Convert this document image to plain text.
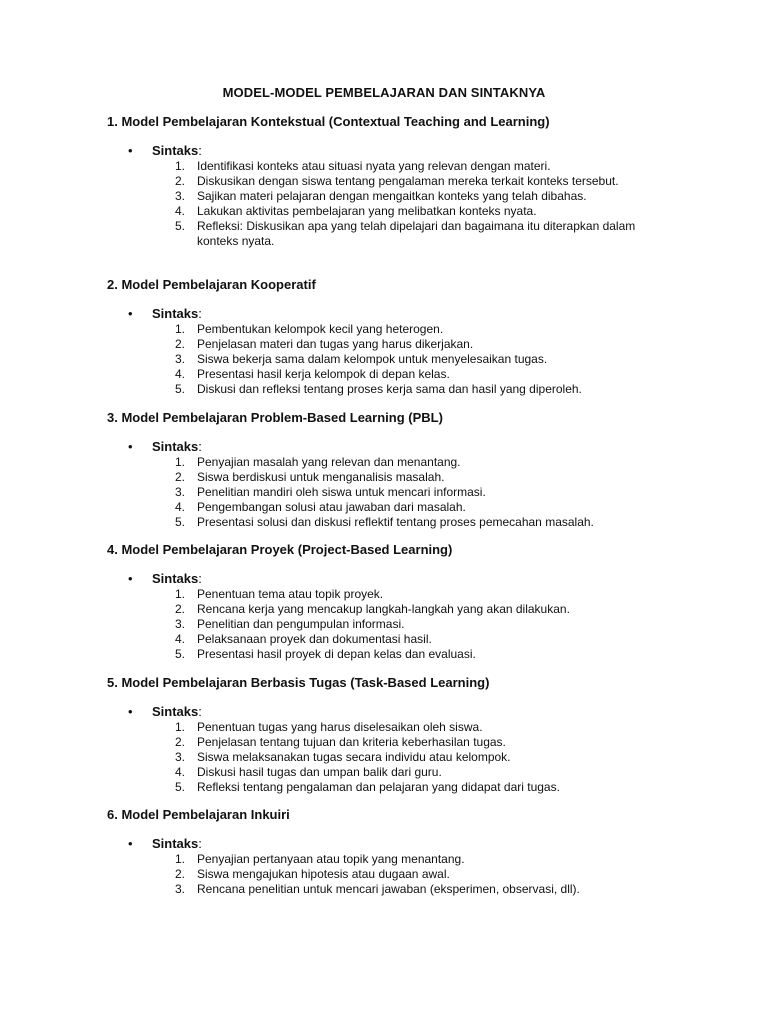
MODEL-MODEL PEMBELAJARAN DAN SINTAKNYA
1. Model Pembelajaran Kontekstual (Contextual Teaching and Learning)
• Sintaks:
1. Identifikasi konteks atau situasi nyata yang relevan dengan materi.
2. Diskusikan dengan siswa tentang pengalaman mereka terkait konteks tersebut.
3. Sajikan materi pelajaran dengan mengaitkan konteks yang telah dibahas.
4. Lakukan aktivitas pembelajaran yang melibatkan konteks nyata.
5. Refleksi: Diskusikan apa yang telah dipelajari dan bagaimana itu diterapkan dalam konteks nyata.
2. Model Pembelajaran Kooperatif
• Sintaks:
1. Pembentukan kelompok kecil yang heterogen.
2. Penjelasan materi dan tugas yang harus dikerjakan.
3. Siswa bekerja sama dalam kelompok untuk menyelesaikan tugas.
4. Presentasi hasil kerja kelompok di depan kelas.
5. Diskusi dan refleksi tentang proses kerja sama dan hasil yang diperoleh.
3. Model Pembelajaran Problem-Based Learning (PBL)
• Sintaks:
1. Penyajian masalah yang relevan dan menantang.
2. Siswa berdiskusi untuk menganalisis masalah.
3. Penelitian mandiri oleh siswa untuk mencari informasi.
4. Pengembangan solusi atau jawaban dari masalah.
5. Presentasi solusi dan diskusi reflektif tentang proses pemecahan masalah.
4. Model Pembelajaran Proyek (Project-Based Learning)
• Sintaks:
1. Penentuan tema atau topik proyek.
2. Rencana kerja yang mencakup langkah-langkah yang akan dilakukan.
3. Penelitian dan pengumpulan informasi.
4. Pelaksanaan proyek dan dokumentasi hasil.
5. Presentasi hasil proyek di depan kelas dan evaluasi.
5. Model Pembelajaran Berbasis Tugas (Task-Based Learning)
• Sintaks:
1. Penentuan tugas yang harus diselesaikan oleh siswa.
2. Penjelasan tentang tujuan dan kriteria keberhasilan tugas.
3. Siswa melaksanakan tugas secara individu atau kelompok.
4. Diskusi hasil tugas dan umpan balik dari guru.
5. Refleksi tentang pengalaman dan pelajaran yang didapat dari tugas.
6. Model Pembelajaran Inkuiri
• Sintaks:
1. Penyajian pertanyaan atau topik yang menantang.
2. Siswa mengajukan hipotesis atau dugaan awal.
3. Rencana penelitian untuk mencari jawaban (eksperimen, observasi, dll).
